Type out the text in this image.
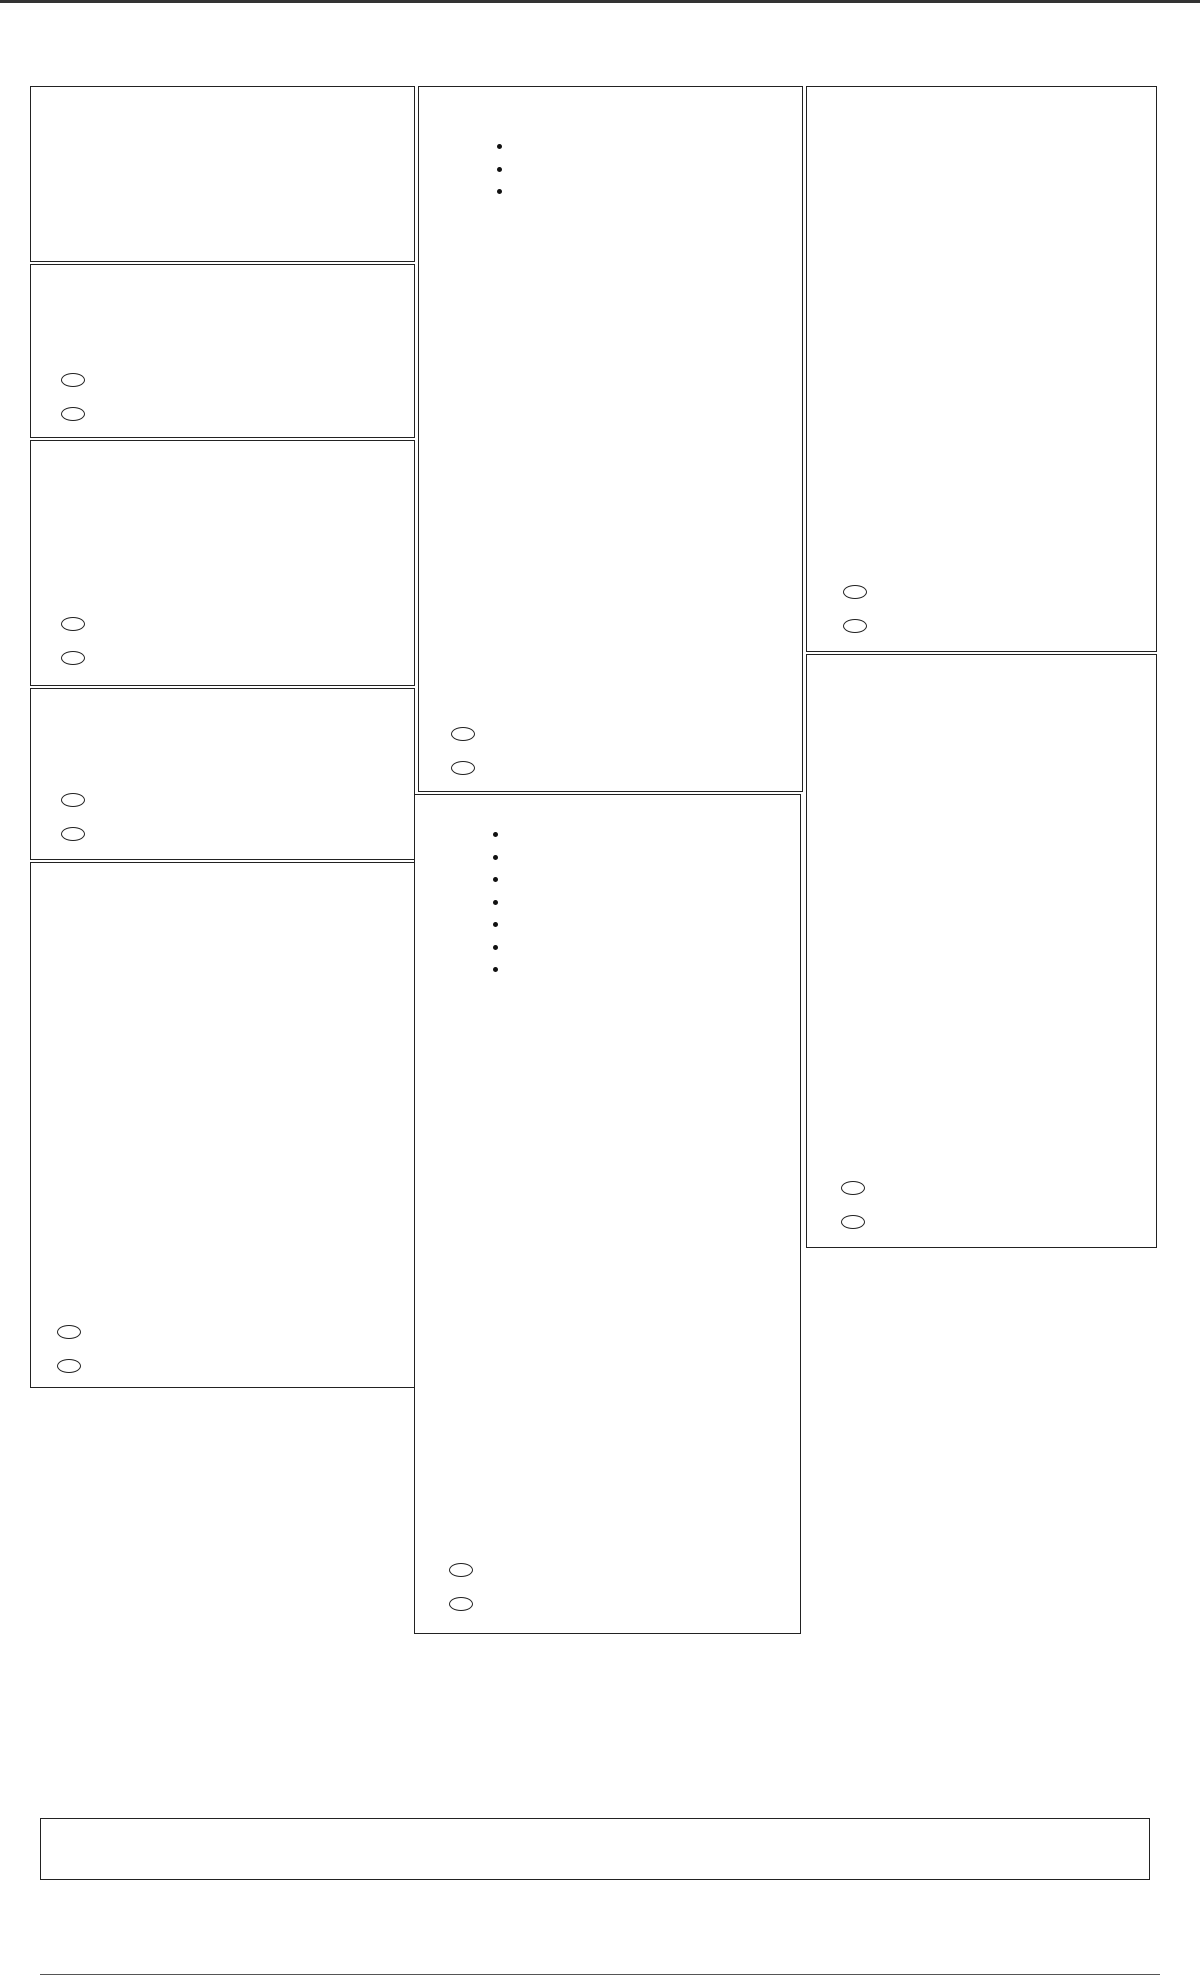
•
•
•

•
•
•
•
•
•
•
